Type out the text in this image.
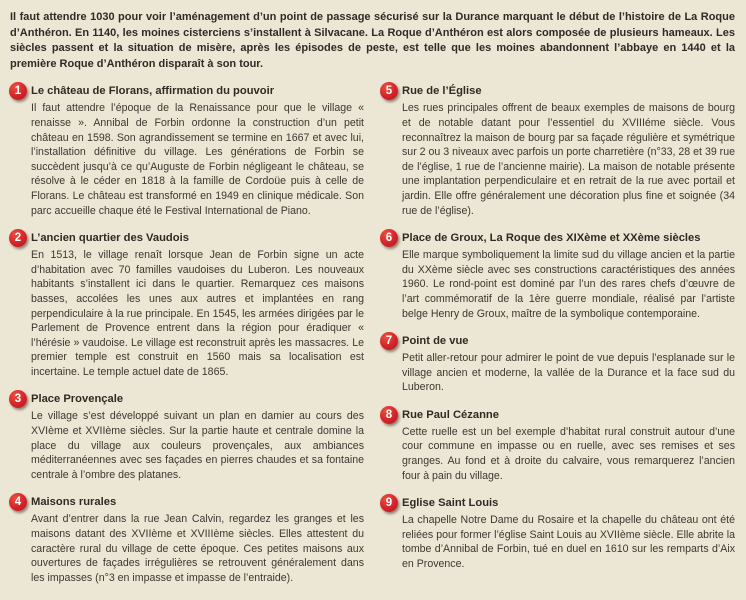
Il faut attendre 1030 pour voir l’aménagement d’un point de passage sécurisé sur la Durance marquant le début de l’histoire de La Roque d’Anthéron. En 1140, les moines cisterciens s’installent à Silvacane. La Roque d’Anthéron est alors composée de plusieurs hameaux. Les siècles passent et la situation de misère, après les épisodes de peste, est telle que les moines abandonnent l’abbaye en 1440 et la première Roque d’Anthéron disparaît à son tour.

1 Le château de Florans, affirmation du pouvoir

Il faut attendre l’époque de la Renaissance pour que le village « renaisse ». Annibal de Forbin ordonne la construction d’un petit château en 1598. Son agrandissement se termine en 1667 et avec lui, l’installation définitive du village. Les générations de Forbin se succèdent jusqu’à ce qu’Auguste de Forbin négligeant le château, se résolve à le céder en 1818 à la famille de Cordoüe puis à celle de Florans. Le château est transformé en 1949 en clinique médicale. Son parc accueille chaque été le Festival International de Piano.

2 L’ancien quartier des Vaudois

En 1513, le village renaît lorsque Jean de Forbin signe un acte d’habitation avec 70 familles vaudoises du Luberon. Les nouveaux habitants s’installent ici dans le quartier. Remarquez ces maisons basses, accolées les unes aux autres et implantées en rang perpendiculaire à la rue principale. En 1545, les armées dirigées par le Parlement de Provence entrent dans la région pour éradiquer « l’hérésie » vaudoise. Le village est reconstruit après les massacres. Le premier temple est construit en 1560 mais sa localisation est incertaine. Le temple actuel date de 1865.

3 Place Provençale

Le village s’est développé suivant un plan en damier au cours des XVIème et XVIIème siècles. Sur la partie haute et centrale domine la place du village aux couleurs provençales, aux ambiances méditerranéennes avec ses façades en pierres chaudes et sa fontaine centrale à l’ombre des platanes.

4 Maisons rurales

Avant d’entrer dans la rue Jean Calvin, regardez les granges et les maisons datant des XVIIème et XVIIIème siècles. Elles attestent du caractère rural du village de cette époque. Ces petites maisons aux ouvertures de façades irrégulières se retrouvent généralement dans les impasses (n°3 en impasse et impasse de l’entraide).

5 Rue de l’Église

Les rues principales offrent de beaux exemples de maisons de bourg et de notable datant pour l’essentiel du XVIIIéme siècle. Vous reconnaîtrez la maison de bourg par sa façade régulière et symétrique sur 2 ou 3 niveaux avec parfois un porte charretière (n°33, 28 et 39 rue de l’église, 1 rue de l’ancienne mairie). La maison de notable présente une implantation perpendiculaire et en retrait de la rue avec portail et jardin. Elle offre généralement une décoration plus fine et soignée (34 rue de l’église).

6 Place de Groux, La Roque des XIXème et XXème siècles

Elle marque symboliquement la limite sud du village ancien et la partie du XXème siècle avec ses constructions caractéristiques des années 1960. Le rond-point est dominé par l’un des rares chefs d’œuvre de l’art commémoratif de la 1ère guerre mondiale, réalisé par l’artiste belge Henry de Groux, maître de la symbolique contemporaine.

7 Point de vue

Petit aller-retour pour admirer le point de vue depuis l’esplanade sur le village ancien et moderne, la vallée de la Durance et la face sud du Luberon.

8 Rue Paul Cézanne

Cette ruelle est un bel exemple d’habitat rural construit autour d’une cour commune en impasse ou en ruelle, avec ses remises et ses granges. Au fond et à droite du calvaire, vous remarquerez l’ancien four à pain du village.

9 Eglise Saint Louis

La chapelle Notre Dame du Rosaire et la chapelle du château ont été reliées pour former l’église Saint Louis au XVIIème siècle. Elle abrite la tombe d’Annibal de Forbin, tué en duel en 1610 sur les remparts d’Aix en Provence.
